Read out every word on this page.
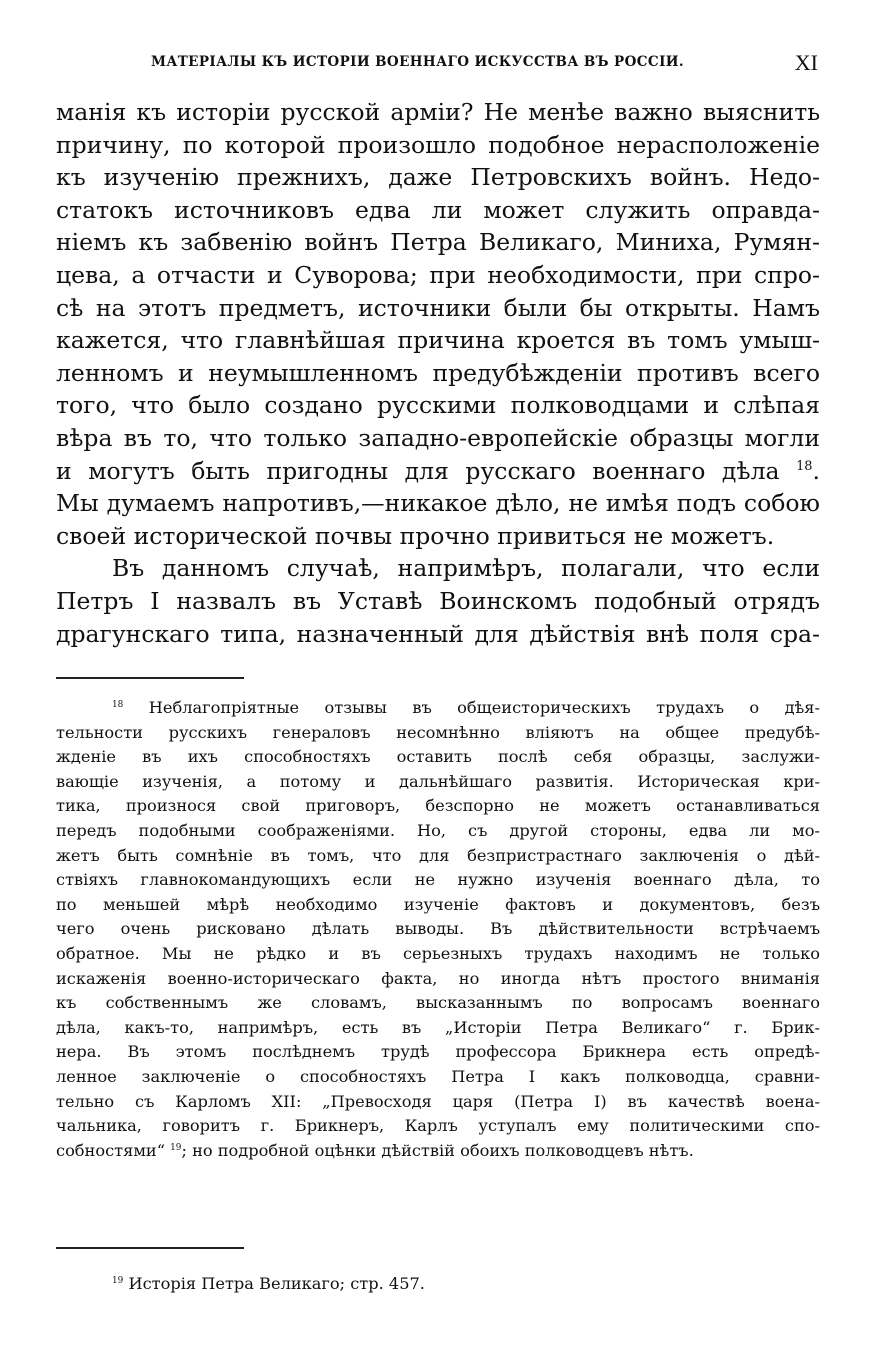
МАТЕРІАЛЫ КЪ ИСТОРІИ ВОЕННАГО ИСКУССТВА ВЪ РОССІИ.	XI
манія къ исторіи русской арміи? Не менѣе важно выяснить
причину, по которой произошло подобное нерасположеніе
къ изученію прежнихъ, даже Петровскихъ войнъ. Недо-
статокъ источниковъ едва ли может служить оправда-
ніемъ къ забвенію войнъ Петра Великаго, Миниха, Румян-
цева, а отчасти и Суворова; при необходимости, при спро-
сѣ на этотъ предметъ, источники были бы открыты. Намъ
кажется, что главнѣйшая причина кроется въ томъ умыш-
ленномъ и неумышленномъ предубѣжденіи противъ всего
того, что было создано русскими полководцами и слѣпая
вѣра въ то, что только западно-европейскіе образцы могли
и могутъ быть пригодны для русскаго военнаго дѣла $^{18}$.
Мы думаемъ напротивъ,—никакое дѣло, не имѣя подъ собою
своей исторической почвы прочно привиться не можетъ.
Въ данномъ случаѣ, напримѣръ, полагали, что если
Петръ I назвалъ въ Уставѣ Воинскомъ подобный отрядъ
драгунскаго типа, назначенный для дѣйствія внѣ поля сра-
$^{18}$ Неблагопріятные отзывы въ общеисторическихъ трудахъ о дѣя-
тельности русскихъ генераловъ несомнѣнно вліяютъ на общее предубѣ-
жденіе въ ихъ способностяхъ оставить послѣ себя образцы, заслужи-
вающіе изученія, а потому и дальнѣйшаго развитія. Историческая кри-
тика, произнося свой приговоръ, безспорно не можетъ останавливаться
передъ подобными соображеніями. Но, съ другой стороны, едва ли мо-
жетъ быть сомнѣніе въ томъ, что для безпристрастнаго заключенія о дѣй-
ствіяхъ главнокомандующихъ если не нужно изученія военнаго дѣла, то
по меньшей мѣрѣ необходимо изученіе фактовъ и документовъ, безъ
чего очень рисковано дѣлать выводы. Въ дѣйствительности встрѣчаемъ
обратное. Мы не рѣдко и въ серьезныхъ трудахъ находимъ не только
искаженія военно-историческаго факта, но иногда нѣтъ простого вниманія
къ собственнымъ же словамъ, высказаннымъ по вопросамъ военнаго
дѣла, какъ-то, напримѣръ, есть въ „Исторіи Петра Великаго“ г. Брик-
нера. Въ этомъ послѣднемъ трудѣ профессора Брикнера есть опредѣ-
ленное заключеніе о способностяхъ Петра I какъ полководца, сравни-
тельно съ Карломъ XII: „Превосходя царя (Петра I) въ качествѣ воена-
чальника, говоритъ г. Брикнеръ, Карлъ уступалъ ему политическими спо-
собностями“ $^{19}$; но подробной оцѣнки дѣйствій обоихъ полководцевъ нѣтъ.
$^{19}$ Исторія Петра Великаго; стр. 457.
